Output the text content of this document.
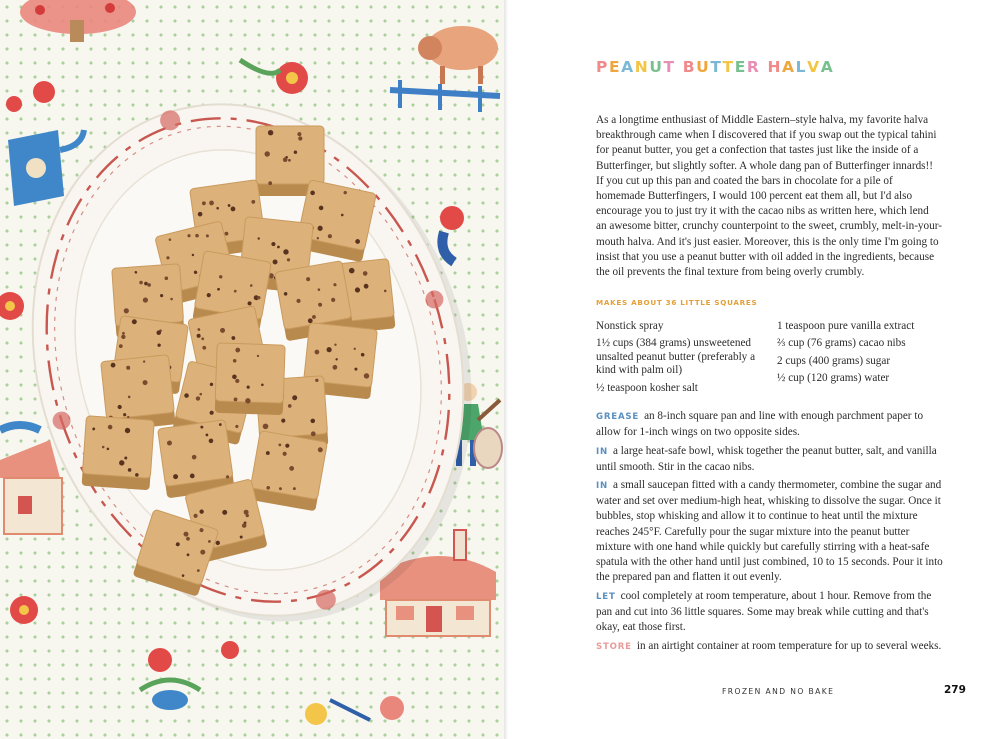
PEANUT BUTTER HALVA

As a longtime enthusiast of Middle Eastern–style halva, my favorite halva breakthrough came when I discovered that if you swap out the typical tahini for peanut butter, you get a confection that tastes just like the inside of a Butterfinger, but slightly softer. A whole dang pan of Butterfinger innards!! If you cut up this pan and coated the bars in chocolate for a pile of homemade Butterfingers, I would 100 percent eat them all, but I'd also encourage you to just try it with the cacao nibs as written here, which lend an awesome bitter, crunchy counterpoint to the sweet, crumbly, melt-in-your-mouth halva. And it's just easier. Moreover, this is the only time I'm going to insist that you use a peanut butter with oil added in the ingredients, because the oil prevents the final texture from being overly crumbly.

MAKES ABOUT 36 LITTLE SQUARES
Nonstick spray
1½ cups (384 grams) unsweetened unsalted peanut butter (preferably a kind with palm oil)
½ teaspoon kosher salt
1 teaspoon pure vanilla extract
⅔ cup (76 grams) cacao nibs
2 cups (400 grams) sugar
½ cup (120 grams) water

GREASE an 8-inch square pan and line with enough parchment paper to allow for 1-inch wings on two opposite sides.

IN a large heat-safe bowl, whisk together the peanut butter, salt, and vanilla until smooth. Stir in the cacao nibs.

IN a small saucepan fitted with a candy thermometer, combine the sugar and water and set over medium-high heat, whisking to dissolve the sugar. Once it bubbles, stop whisking and allow it to continue to heat until the mixture reaches 245°F. Carefully pour the sugar mixture into the peanut butter mixture with one hand while quickly but carefully stirring with a heat-safe spatula with the other hand until just combined, 10 to 15 seconds. Pour it into the prepared pan and flatten it out evenly.

LET cool completely at room temperature, about 1 hour. Remove from the pan and cut into 36 little squares. Some may break while cutting and that's okay, eat those first.

STORE in an airtight container at room temperature for up to several weeks.

FROZEN AND NO BAKE	279
